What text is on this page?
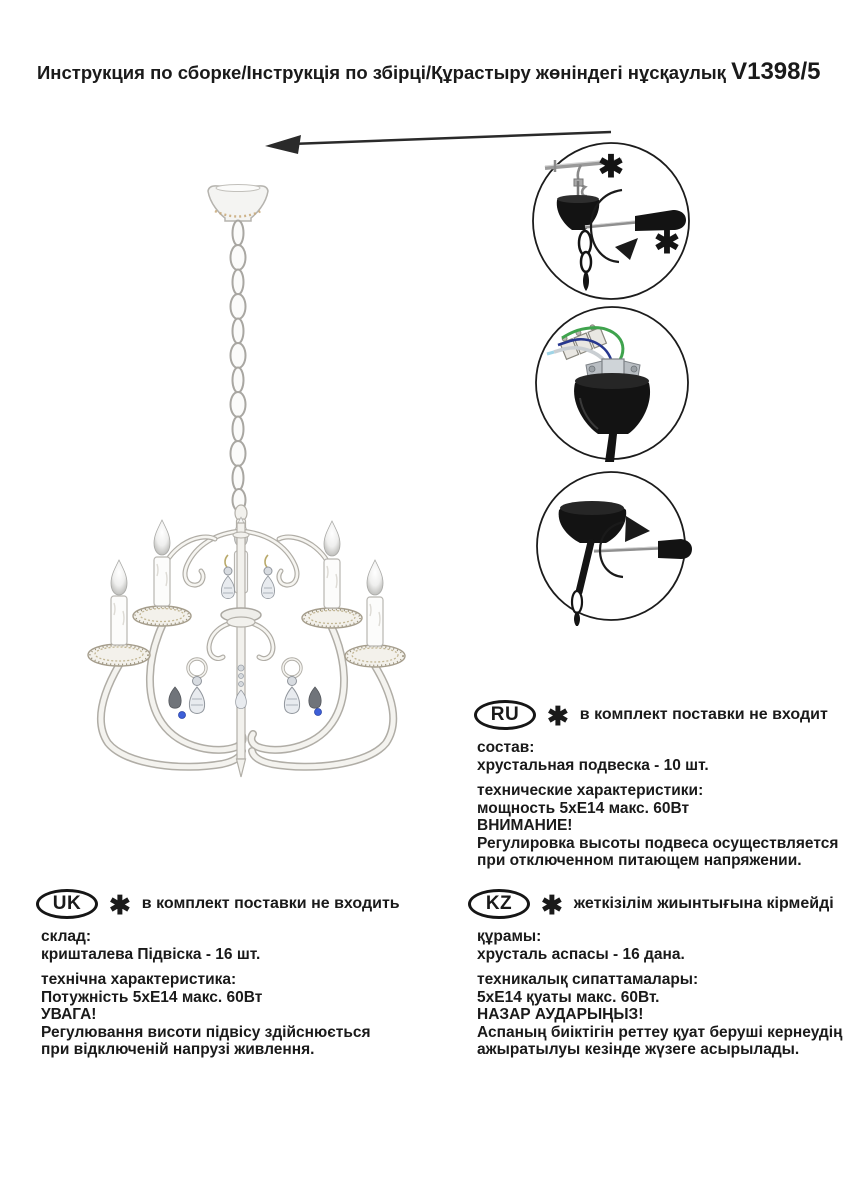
Инструкция по сборке/Інструкція по збірці/Құрастыру жөніндегі нұсқаулық V1398/5
✱
✱
RU	✱ в комплект поставки не входит

состав:

хрустальная подвеска - 10 шт.

технические характеристики:

мощность 5хЕ14 макс. 60Вт

ВНИМАНИЕ!

Регулировка высоты подвеса осуществляется

при отключенном питающем напряжении.

UK	✱ в комплект поставки не входить

склад:

кришталева Підвіска - 16 шт.

технічна характеристика:

Потужність 5хЕ14 макс. 60Вт

УВАГА!

Регулювання висоти підвісу здійснюється

при відключеній напрузі живлення.

KZ	✱ жеткізілім жиынтығына кірмейді

құрамы:

хрусталь аспасы - 16 дана.

техникалық сипаттамалары:

5хЕ14 қуаты макс. 60Вт.

НАЗАР АУДАРЫҢЫЗ!

Аспаның биіктігін реттеу қуат беруші кернеудің

ажыратылуы кезінде жүзеге асырылады.
